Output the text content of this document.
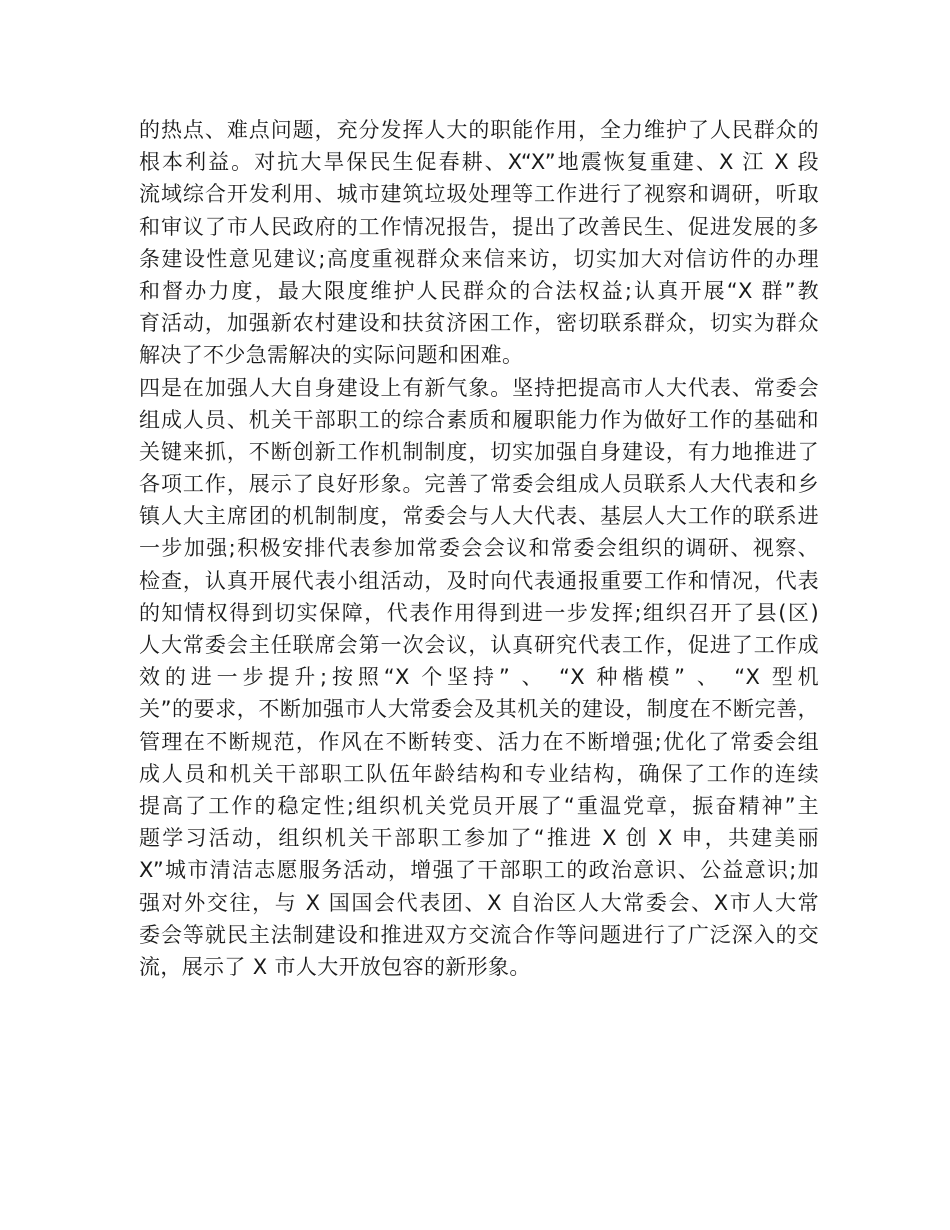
的热点、难点问题，充分发挥人大的职能作用，全力维护了人民群众的
根本利益。对抗大旱保民生促春耕、X“X”地震恢复重建、X 江 X 段
流域综合开发利用、城市建筑垃圾处理等工作进行了视察和调研，听取
和审议了市人民政府的工作情况报告，提出了改善民生、促进发展的多
条建设性意见建议;高度重视群众来信来访，切实加大对信访件的办理
和督办力度，最大限度维护人民群众的合法权益;认真开展“X 群”教
育活动，加强新农村建设和扶贫济困工作，密切联系群众，切实为群众
解决了不少急需解决的实际问题和困难。
四是在加强人大自身建设上有新气象。坚持把提高市人大代表、常委会
组成人员、机关干部职工的综合素质和履职能力作为做好工作的基础和
关键来抓，不断创新工作机制制度，切实加强自身建设，有力地推进了
各项工作，展示了良好形象。完善了常委会组成人员联系人大代表和乡
镇人大主席团的机制制度，常委会与人大代表、基层人大工作的联系进
一步加强;积极安排代表参加常委会会议和常委会组织的调研、视察、
检查，认真开展代表小组活动，及时向代表通报重要工作和情况，代表
的知情权得到切实保障，代表作用得到进一步发挥;组织召开了县(区)
人大常委会主任联席会第一次会议，认真研究代表工作，促进了工作成
效的进一步提升;按照“X 个坚持” 、 “X 种楷模” 、 “X 型机
关”的要求，不断加强市人大常委会及其机关的建设，制度在不断完善，
管理在不断规范，作风在不断转变、活力在不断增强;优化了常委会组
成人员和机关干部职工队伍年龄结构和专业结构，确保了工作的连续
提高了工作的稳定性;组织机关党员开展了“重温党章，振奋精神”主
题学习活动，组织机关干部职工参加了“推进 X 创 X 申，共建美丽
X”城市清洁志愿服务活动，增强了干部职工的政治意识、公益意识;加
强对外交往，与 X 国国会代表团、X 自治区人大常委会、X市人大常
委会等就民主法制建设和推进双方交流合作等问题进行了广泛深入的交
流，展示了 X 市人大开放包容的新形象。
